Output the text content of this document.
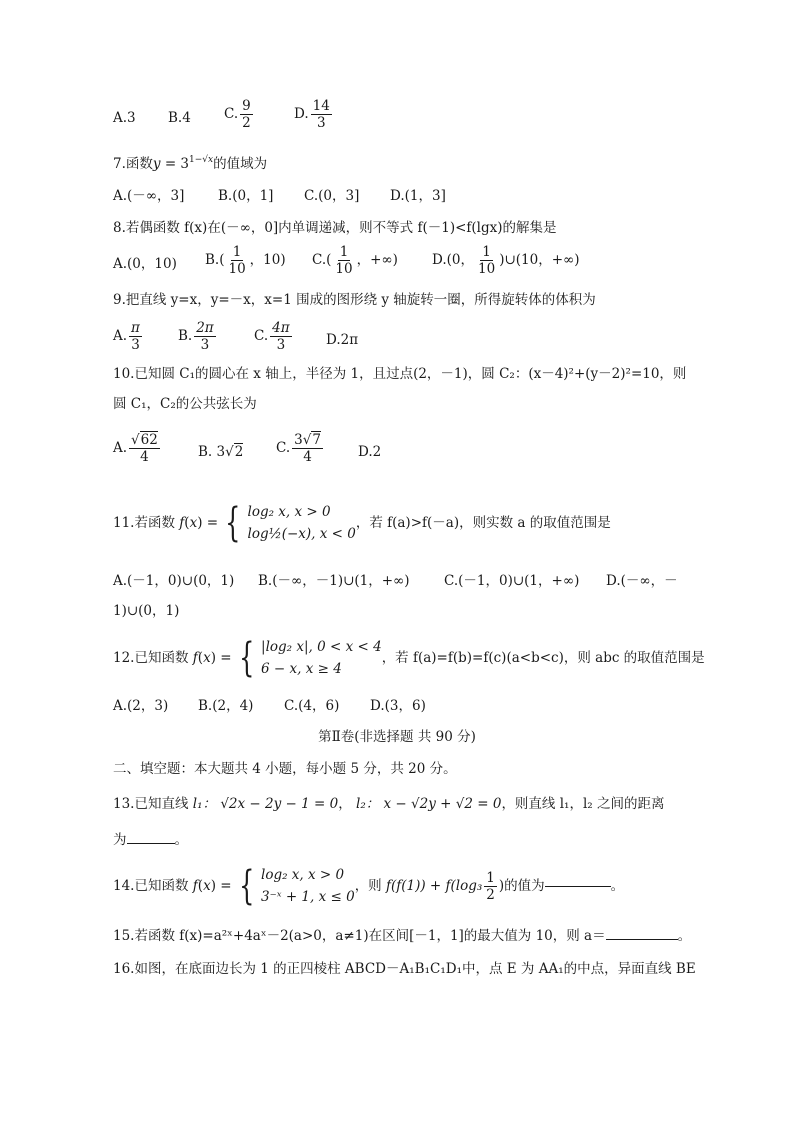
A.3 B.4 C. $\frac{9}{2}$	D. $\frac{14}{3}$
7.函数$y = 3^{1-√x}$的值域为
A.(－∞，3] B.(0，1] C.(0，3] D.(1，3]
8.若偶函数 f(x)在(－∞，0]内单调递减，则不等式 f(－1)<f(lgx)的解集是
A.(0，10) $B.( \frac{1}{10}$ ，10) $C.( \frac{1}{10}$ ，+∞)	D.(0， $\frac{1}{10}$ )∪(10，+∞)
9.把直线 y=x，y=－x，x=1 围成的图形绕 y 轴旋转一圈，所得旋转体的体积为
A. $\frac{\pi}{3}$	B. $\frac{2\pi}{3}$	C. $\frac{4\pi}{3}$	D.2π
10.已知圆 C₁的圆心在 x 轴上，半径为 1，且过点(2，－1)，圆 C₂：(x－4)²+(y－2)²=10，则
圆 C₁，C₂的公共弦长为
A. $\frac{√62}{4}$	B. 3√2 C. $\frac{3√7}{4}$	D.2
11.若函数
f ( x ) = { log₂ x, x > 0
log½(−x), x < 0
，若 f(a)>f(－a)，则实数 a 的取值范围是
A.(－1，0)∪(0，1) B.(－∞，－1)∪(1，+∞)	C.(－1，0)∪(1，+∞) D.(－∞，－
1)∪(0，1)
12.已知函数
f ( x ) = { |log₂ x|, 0 < x < 4
6 − x, x ≥ 4
，若 f(a)=f(b)=f(c)(a<b<c)，则 abc 的取值范围是
A.(2，3) B.(2，4) C.(4，6) D.(3，6)
第Ⅱ卷(非选择题 共 90 分)
二、填空题：本大题共 4 小题，每小题 5 分，共 20 分。
13.已知直线 l₁： √2x − 2y − 1 = 0， l₂： x − √2y + √2 = 0，则直线 l₁，l₂ 之间的距离
为	。
14.已知函数
f ( x ) = { log₂ x, x > 0
3⁻ˣ + 1, x ≤ 0
，则
$f(f(1)) + f(\log_3 \frac{1}{2}$ ) 的值为	。
15.若函数 f(x)=a²ˣ+4aˣ－2(a>0，a≠1)在区间[－1，1]的最大值为 10，则 a＝	。
16.如图，在底面边长为 1 的正四棱柱 ABCD－A₁B₁C₁D₁中，点 E 为 AA₁的中点，异面直线 BE
